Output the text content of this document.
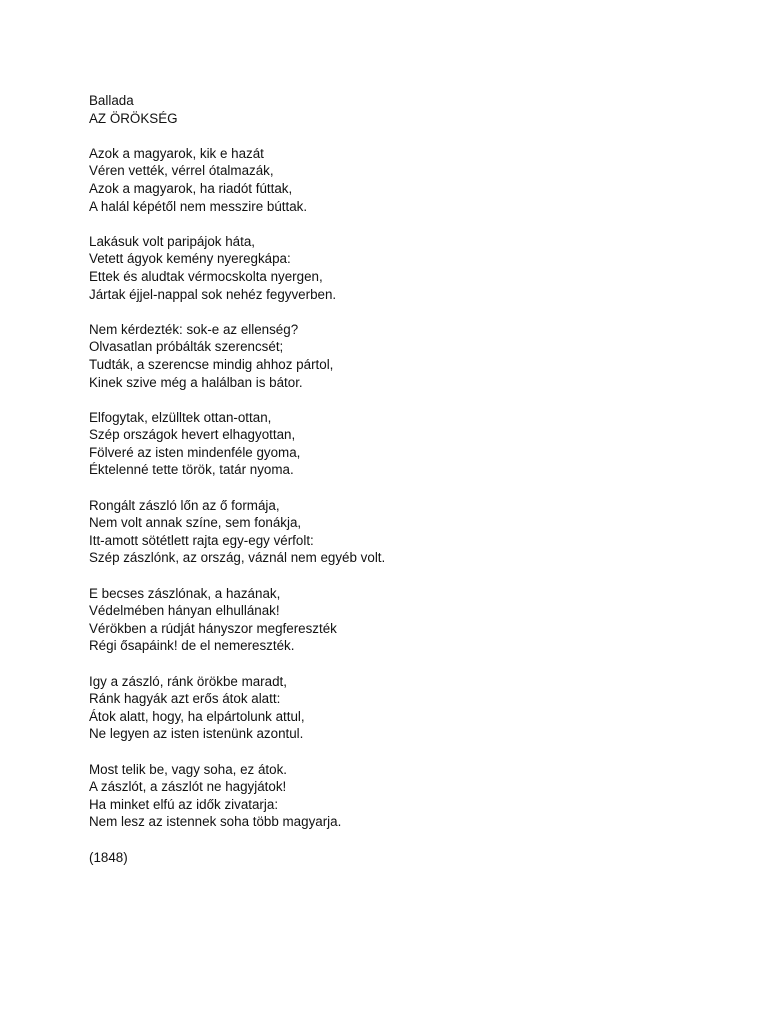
Ballada
AZ ÖRÖKSÉG
Azok a magyarok, kik e hazát
Véren vették, vérrel ótalmazák,
Azok a magyarok, ha riadót fúttak,
A halál képétől nem messzire búttak.
Lakásuk volt paripájok háta,
Vetett ágyok kemény nyeregkápa:
Ettek és aludtak vérmocskolta nyergen,
Jártak éjjel-nappal sok nehéz fegyverben.
Nem kérdezték: sok-e az ellenség?
Olvasatlan próbálták szerencsét;
Tudták, a szerencse mindig ahhoz pártol,
Kinek szive még a halálban is bátor.
Elfogytak, elzülltek ottan-ottan,
Szép országok hevert elhagyottan,
Fölveré az isten mindenféle gyoma,
Éktelenné tette török, tatár nyoma.
Rongált zászló lőn az ő formája,
Nem volt annak színe, sem fonákja,
Itt-amott sötétlett rajta egy-egy vérfolt:
Szép zászlónk, az ország, váznál nem egyéb volt.
E becses zászlónak, a hazának,
Védelmében hányan elhullának!
Vérökben a rúdját hányszor megfereszték
Régi ősapáink! de el nemereszték.
Igy a zászló, ránk örökbe maradt,
Ránk hagyák azt erős átok alatt:
Átok alatt, hogy, ha elpártolunk attul,
Ne legyen az isten istenünk azontul.
Most telik be, vagy soha, ez átok.
A zászlót, a zászlót ne hagyjátok!
Ha minket elfú az idők zivatarja:
Nem lesz az istennek soha több magyarja.
(1848)
